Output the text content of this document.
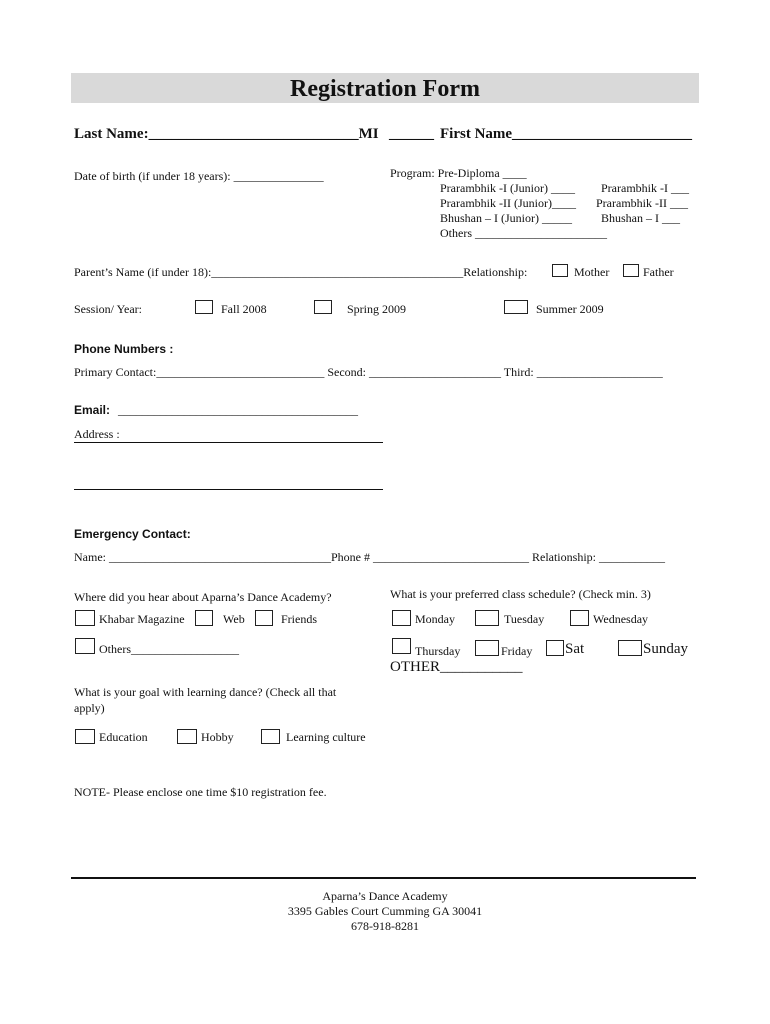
Registration Form
Last Name:____________________________MI ______ First Name________________________
Date of birth (if under 18 years): _______________	Program: Pre-Diploma ____
Prarambhik -I (Junior) ____ Prarambhik -I ___
Prarambhik -II (Junior)____ Prarambhik -II ___
Bhushan – I (Junior) _____ Bhushan – I ___
Others ______________________
Parent’s Name (if under 18):__________________________________________Relationship:	Mother	Father
Session/ Year:	Fall 2008	Spring 2009	Summer 2009
Phone Numbers :
Primary Contact:____________________________ Second: ______________________ Third: _____________________
Email: ________________________________________
Address :
Emergency Contact:
Name: _____________________________________Phone # __________________________ Relationship: ___________
Where did you hear about Aparna’s Dance Academy?
Khabar Magazine	Web	Friends
Others__________________
What is your preferred class schedule? (Check min. 3)
Monday	Tuesday	Wednesday
Thursday	Friday Sat	Sunday
OTHER___________
What is your goal with learning dance? (Check all that
apply)
Education	Hobby	Learning culture
NOTE- Please enclose one time $10 registration fee.
Aparna’s Dance Academy
3395 Gables Court Cumming GA 30041
678-918-8281
